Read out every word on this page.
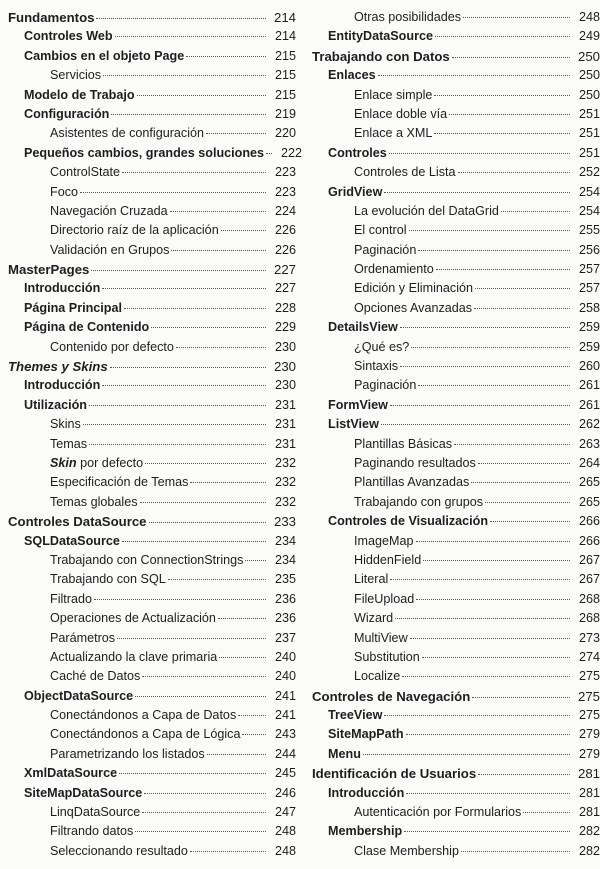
Fundamentos	214
Controles Web	214
Cambios en el objeto Page	215
Servicios	215
Modelo de Trabajo	215
Configuración	219
Asistentes de configuración	220
Pequeños cambios, grandes soluciones	222
ControlState	223
Foco	223
Navegación Cruzada	224
Directorio raíz de la aplicación	226
Validación en Grupos	226
MasterPages	227
Introducción	227
Página Principal	228
Página de Contenido	229
Contenido por defecto	230
Themes y Skins	230
Introducción	230
Utilización	231
Skins	231
Temas	231
Skin por defecto	232
Especificación de Temas	232
Temas globales	232
Controles DataSource	233
SQLDataSource	234
Trabajando con ConnectionStrings	234
Trabajando con SQL	235
Filtrado	236
Operaciones de Actualización	236
Parámetros	237
Actualizando la clave primaria	240
Caché de Datos	240
ObjectDataSource	241
Conectándonos a Capa de Datos	241
Conectándonos a Capa de Lógica	243
Parametrizando los listados	244
XmlDataSource	245
SiteMapDataSource	246
LinqDataSource	247
Filtrando datos	248
Seleccionando resultado	248
Otras posibilidades	248
EntityDataSource	249
Trabajando con Datos	250
Enlaces	250
Enlace simple	250
Enlace doble vía	251
Enlace a XML	251
Controles	251
Controles de Lista	252
GridView	254
La evolución del DataGrid	254
El control	255
Paginación	256
Ordenamiento	257
Edición y Eliminación	257
Opciones Avanzadas	258
DetailsView	259
¿Qué es?	259
Sintaxis	260
Paginación	261
FormView	261
ListView	262
Plantillas Básicas	263
Paginando resultados	264
Plantillas Avanzadas	265
Trabajando con grupos	265
Controles de Visualización	266
ImageMap	266
HiddenField	267
Literal	267
FileUpload	268
Wizard	268
MultiView	273
Substitution	274
Localize	275
Controles de Navegación	275
TreeView	275
SiteMapPath	279
Menu	279
Identificación de Usuarios	281
Introducción	281
Autenticación por Formularios	281
Membership	282
Clase Membership	282
